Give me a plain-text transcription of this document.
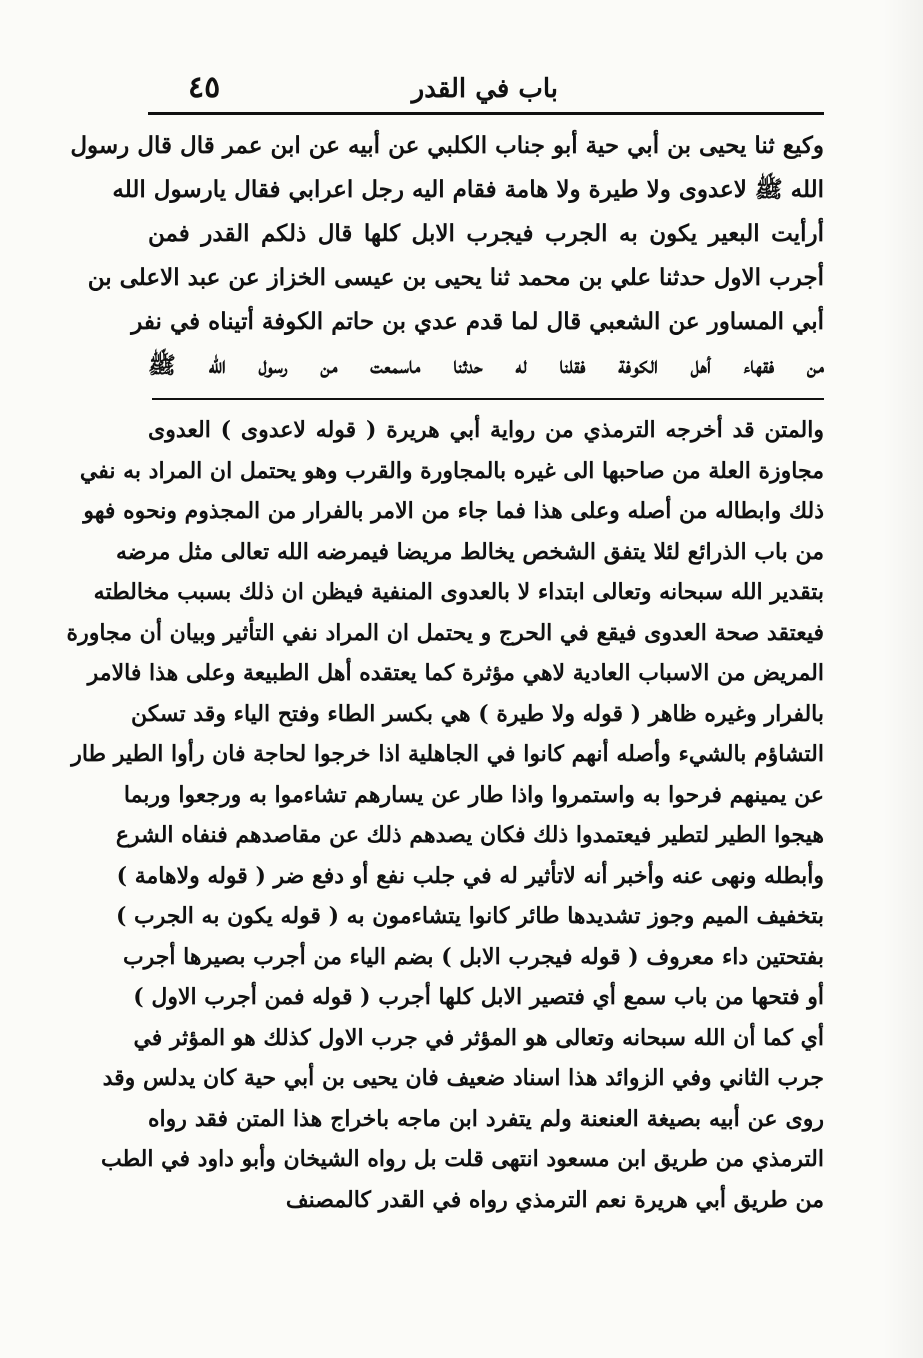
باب في القدر
٤٥
وكيع ثنا يحيى بن أبي حية أبو جناب الكلبي عن أبيه عن ابن عمر قال قال رسول
الله ﷺ لاعدوى ولا طيرة ولا هامة فقام اليه رجل اعرابي فقال يارسول الله
أرأيت البعير يكون به الجرب فيجرب الابل كلها قال ذلكم القدر فمن
أجرب الاول حدثنا علي بن محمد ثنا يحيى بن عيسى الخزاز عن عبد الاعلى بن
أبي المساور عن الشعبي قال لما قدم عدي بن حاتم الكوفة أتيناه في نفر
من فقهاء أهل الكوفة فقلنا له حدثنا ماسمعت من رسول الله ﷺ
والمتن قد أخرجه الترمذي من رواية أبي هريرة ( قوله لاعدوى ) العدوى
مجاوزة العلة من صاحبها الى غيره بالمجاورة والقرب وهو يحتمل ان المراد به نفي
ذلك وابطاله من أصله وعلى هذا فما جاء من الامر بالفرار من المجذوم ونحوه فهو
من باب الذرائع لئلا يتفق الشخص يخالط مريضا فيمرضه الله تعالى مثل مرضه
بتقدير الله سبحانه وتعالى ابتداء لا بالعدوى المنفية فيظن ان ذلك بسبب مخالطته
فيعتقد صحة العدوى فيقع في الحرج و يحتمل ان المراد نفي التأثير وبيان أن مجاورة
المريض من الاسباب العادية لاهي مؤثرة كما يعتقده أهل الطبيعة وعلى هذا فالامر
بالفرار وغيره ظاهر ( قوله ولا طيرة ) هي بكسر الطاء وفتح الياء وقد تسكن
التشاؤم بالشيء وأصله أنهم كانوا في الجاهلية اذا خرجوا لحاجة فان رأوا الطير طار
عن يمينهم فرحوا به واستمروا واذا طار عن يسارهم تشاءموا به ورجعوا وربما
هيجوا الطير لتطير فيعتمدوا ذلك فكان يصدهم ذلك عن مقاصدهم فنفاه الشرع
وأبطله ونهى عنه وأخبر أنه لاتأثير له في جلب نفع أو دفع ضر ( قوله ولاهامة )
بتخفيف الميم وجوز تشديدها طائر كانوا يتشاءمون به ( قوله يكون به الجرب )
بفتحتين داء معروف ( قوله فيجرب الابل ) بضم الياء من أجرب بصيرها أجرب
أو فتحها من باب سمع أي فتصير الابل كلها أجرب ( قوله فمن أجرب الاول )
أي كما أن الله سبحانه وتعالى هو المؤثر في جرب الاول كذلك هو المؤثر في
جرب الثاني وفي الزوائد هذا اسناد ضعيف فان يحيى بن أبي حية كان يدلس وقد
روى عن أبيه بصيغة العنعنة ولم يتفرد ابن ماجه باخراج هذا المتن فقد رواه
الترمذي من طريق ابن مسعود انتهى قلت بل رواه الشيخان وأبو داود في الطب
من طريق أبي هريرة نعم الترمذي رواه في القدر كالمصنف
